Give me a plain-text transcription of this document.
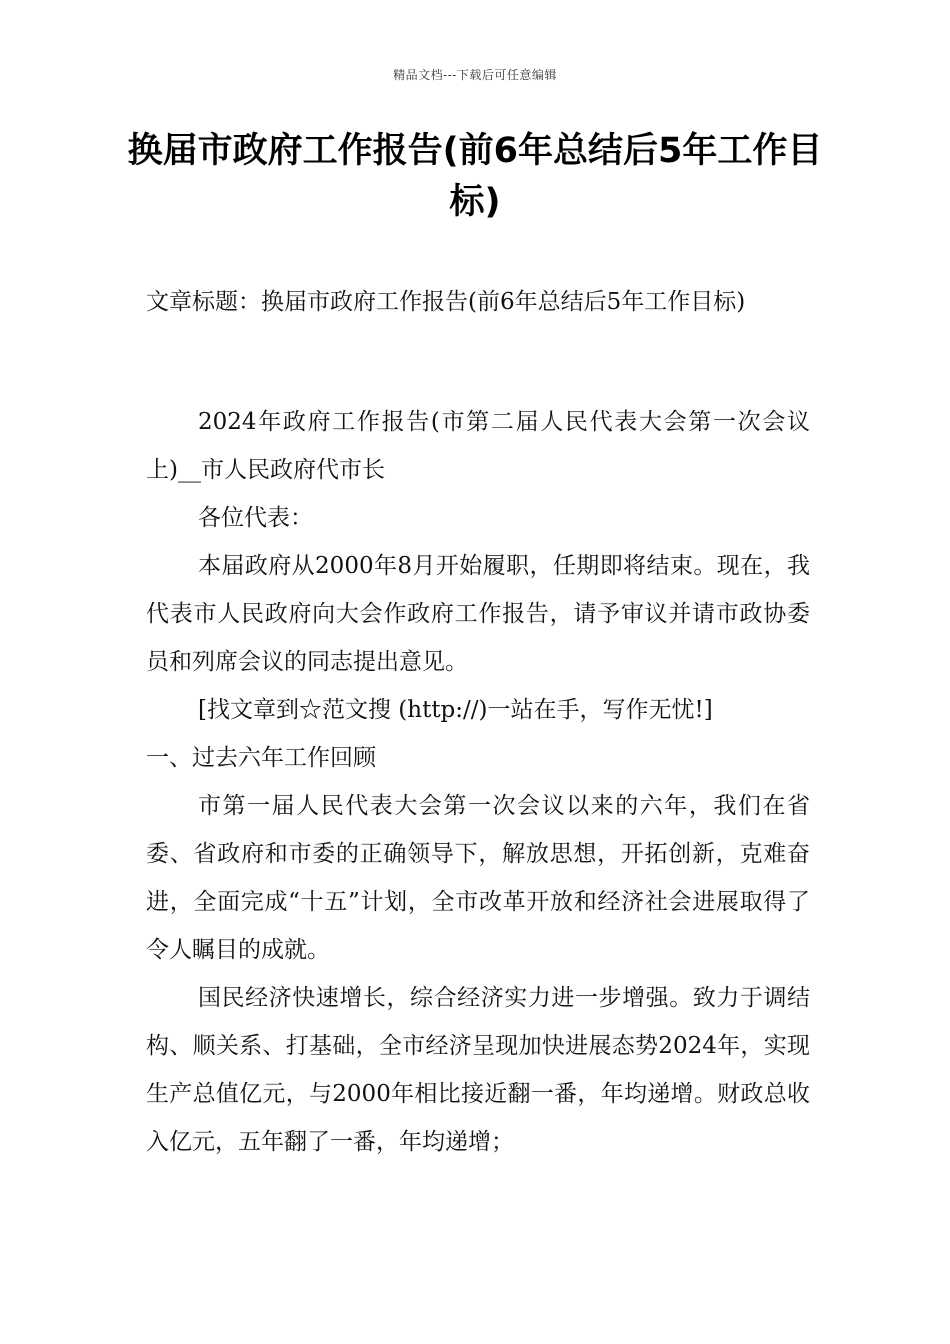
精品文档---下载后可任意编辑
换届市政府工作报告(前6年总结后5年工作目标)

文章标题：换届市政府工作报告(前6年总结后5年工作目标)

2024年政府工作报告(市第二届人民代表大会第一次会议上)__市人民政府代市长

各位代表：

本届政府从2000年8月开始履职，任期即将结束。现在，我代表市人民政府向大会作政府工作报告，请予审议并请市政协委员和列席会议的同志提出意见。

[找文章到☆范文搜 (http://)一站在手，写作无忧!]

一、过去六年工作回顾

市第一届人民代表大会第一次会议以来的六年，我们在省委、省政府和市委的正确领导下，解放思想，开拓创新，克难奋进，全面完成“十五”计划，全市改革开放和经济社会进展取得了令人瞩目的成就。

国民经济快速增长，综合经济实力进一步增强。致力于调结构、顺关系、打基础，全市经济呈现加快进展态势2024年，实现生产总值亿元，与2000年相比接近翻一番，年均递增。财政总收入亿元，五年翻了一番，年均递增；
